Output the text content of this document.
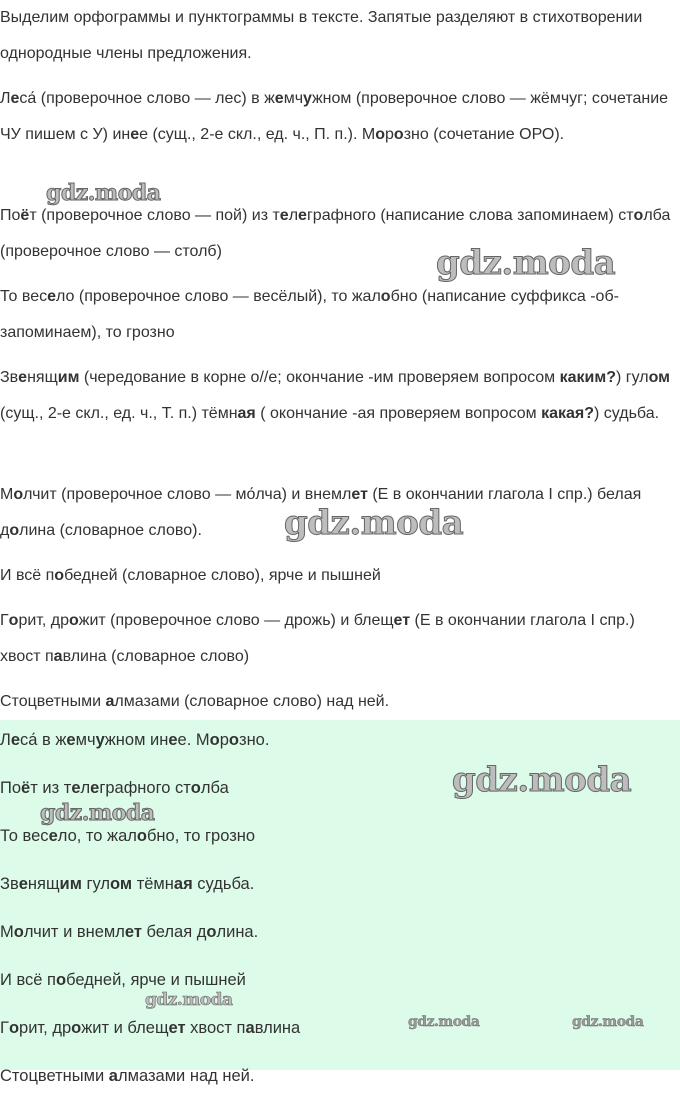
Выделим орфограммы и пунктограммы в тексте. Запятые разделяют в стихотворении однородные члены предложения.

Леса́ (проверочное слово — лес) в жемчужном (проверочное слово — жёмчуг; сочетание ЧУ пишем с У) инее (сущ., 2-е скл., ед. ч., П. п.). Морозно (сочетание ОРО).

Поёт (проверочное слово — пой) из телеграфного (написание слова запоминаем) столба (проверочное слово — столб)

То весело (проверочное слово — весёлый), то жалобно (написание суффикса -об- запоминаем), то грозно

Звенящим (чередование в корне о//е; окончание -им проверяем вопросом каким?) гулом (сущ., 2-е скл., ед. ч., Т. п.) тёмная ( окончание -ая проверяем вопросом какая?) судьба.

Молчит (проверочное слово — мо́лча) и внемлет (Е в окончании глагола I спр.) белая долина (словарное слово).

И всё победней (словарное слово), ярче и пышней

Горит, дрожит (проверочное слово — дрожь) и блещет (Е в окончании глагола I спр.) хвост павлина (словарное слово)

Стоцветными алмазами (словарное слово) над ней.

Леса́ в жемчужном инее. Морозно.
Поёт из телеграфного столба
То весело, то жалобно, то грозно
Звенящим гулом тёмная судьба.
Молчит и внемлет белая долина.
И всё победней, ярче и пышней
Горит, дрожит и блещет хвост павлина
Стоцветными алмазами над ней.
gdz.moda
gdz.moda
gdz.moda
gdz.moda	gdz.moda
gdz.moda
gdz.moda
gdz.moda
